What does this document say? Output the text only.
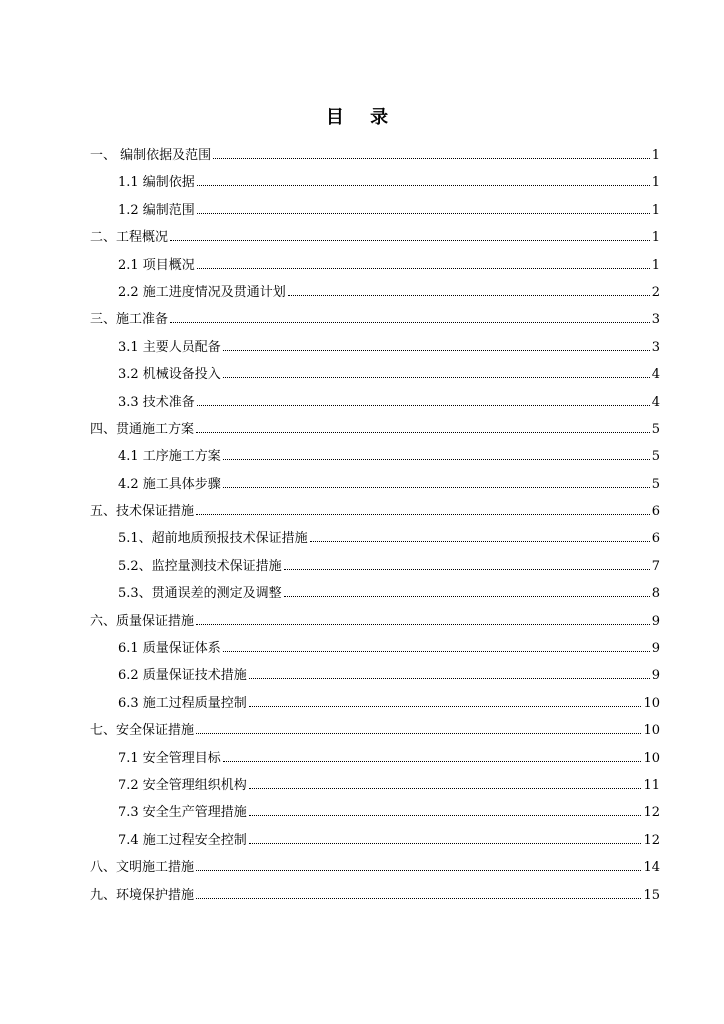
目 录
一、 编制依据及范围	1
1.1 编制依据	1
1.2 编制范围	1
二、工程概况	1
2.1 项目概况	1
2.2 施工进度情况及贯通计划	2
三、施工准备	3
3.1 主要人员配备	3
3.2 机械设备投入	4
3.3 技术准备	4
四、贯通施工方案	5
4.1 工序施工方案	5
4.2 施工具体步骤	5
五、技术保证措施	6
5.1、超前地质预报技术保证措施	6
5.2、监控量测技术保证措施	7
5.3、贯通误差的测定及调整	8
六、质量保证措施	9
6.1 质量保证体系	9
6.2 质量保证技术措施	9
6.3 施工过程质量控制	10
七、安全保证措施	10
7.1 安全管理目标	10
7.2 安全管理组织机构	11
7.3 安全生产管理措施	12
7.4 施工过程安全控制	12
八、文明施工措施	14
九、环境保护措施	15
